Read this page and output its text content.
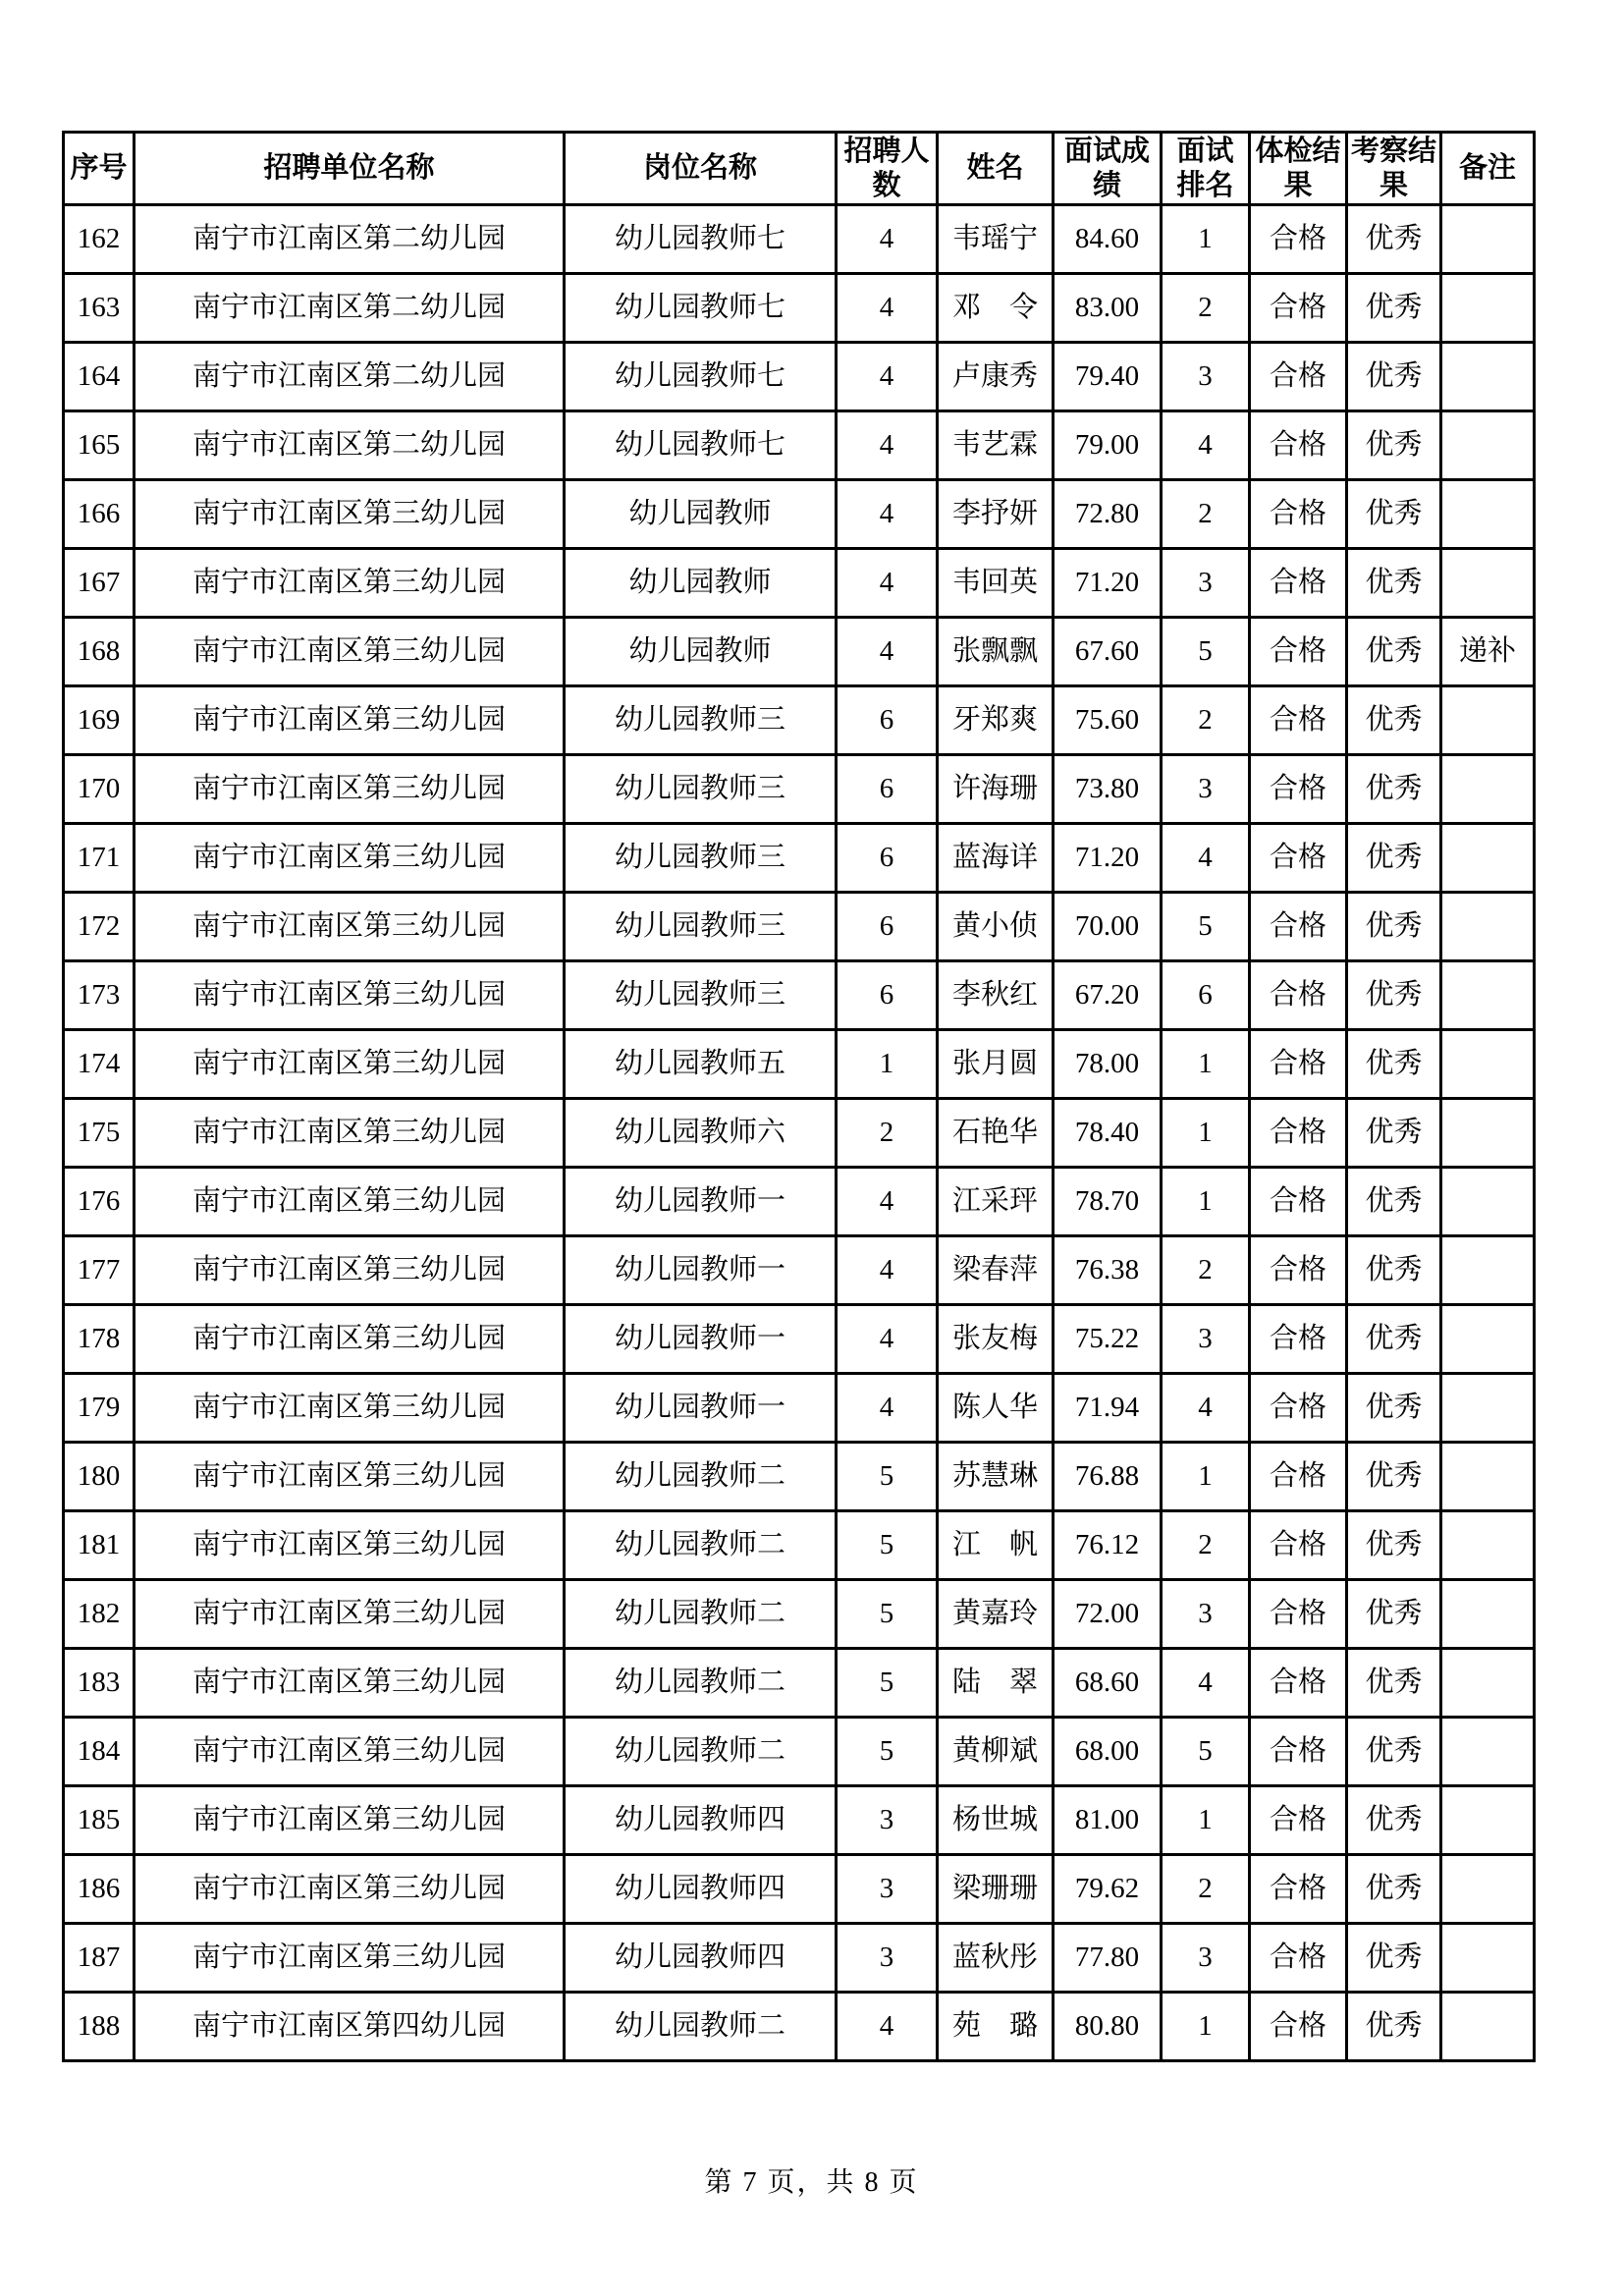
序号	招聘单位名称	岗位名称	招聘人数	姓名	面试成绩	面试排名	体检结果	考察结果	备注
162	南宁市江南区第二幼儿园	幼儿园教师七	4	韦瑶宁	84.60	1	合格	优秀	
163	南宁市江南区第二幼儿园	幼儿园教师七	4	邓　令	83.00	2	合格	优秀	
164	南宁市江南区第二幼儿园	幼儿园教师七	4	卢康秀	79.40	3	合格	优秀	
165	南宁市江南区第二幼儿园	幼儿园教师七	4	韦艺霖	79.00	4	合格	优秀	
166	南宁市江南区第三幼儿园	幼儿园教师	4	李抒妍	72.80	2	合格	优秀	
167	南宁市江南区第三幼儿园	幼儿园教师	4	韦回英	71.20	3	合格	优秀	
168	南宁市江南区第三幼儿园	幼儿园教师	4	张飘飘	67.60	5	合格	优秀	递补
169	南宁市江南区第三幼儿园	幼儿园教师三	6	牙郑爽	75.60	2	合格	优秀	
170	南宁市江南区第三幼儿园	幼儿园教师三	6	许海珊	73.80	3	合格	优秀	
171	南宁市江南区第三幼儿园	幼儿园教师三	6	蓝海详	71.20	4	合格	优秀	
172	南宁市江南区第三幼儿园	幼儿园教师三	6	黄小侦	70.00	5	合格	优秀	
173	南宁市江南区第三幼儿园	幼儿园教师三	6	李秋红	67.20	6	合格	优秀	
174	南宁市江南区第三幼儿园	幼儿园教师五	1	张月圆	78.00	1	合格	优秀	
175	南宁市江南区第三幼儿园	幼儿园教师六	2	石艳华	78.40	1	合格	优秀	
176	南宁市江南区第三幼儿园	幼儿园教师一	4	江采玶	78.70	1	合格	优秀	
177	南宁市江南区第三幼儿园	幼儿园教师一	4	梁春萍	76.38	2	合格	优秀	
178	南宁市江南区第三幼儿园	幼儿园教师一	4	张友梅	75.22	3	合格	优秀	
179	南宁市江南区第三幼儿园	幼儿园教师一	4	陈人华	71.94	4	合格	优秀	
180	南宁市江南区第三幼儿园	幼儿园教师二	5	苏慧琳	76.88	1	合格	优秀	
181	南宁市江南区第三幼儿园	幼儿园教师二	5	江　帆	76.12	2	合格	优秀	
182	南宁市江南区第三幼儿园	幼儿园教师二	5	黄嘉玲	72.00	3	合格	优秀	
183	南宁市江南区第三幼儿园	幼儿园教师二	5	陆　翠	68.60	4	合格	优秀	
184	南宁市江南区第三幼儿园	幼儿园教师二	5	黄柳斌	68.00	5	合格	优秀	
185	南宁市江南区第三幼儿园	幼儿园教师四	3	杨世城	81.00	1	合格	优秀	
186	南宁市江南区第三幼儿园	幼儿园教师四	3	梁珊珊	79.62	2	合格	优秀	
187	南宁市江南区第三幼儿园	幼儿园教师四	3	蓝秋彤	77.80	3	合格	优秀	
188	南宁市江南区第四幼儿园	幼儿园教师二	4	苑　璐	80.80	1	合格	优秀	
第 7 页，共 8 页
